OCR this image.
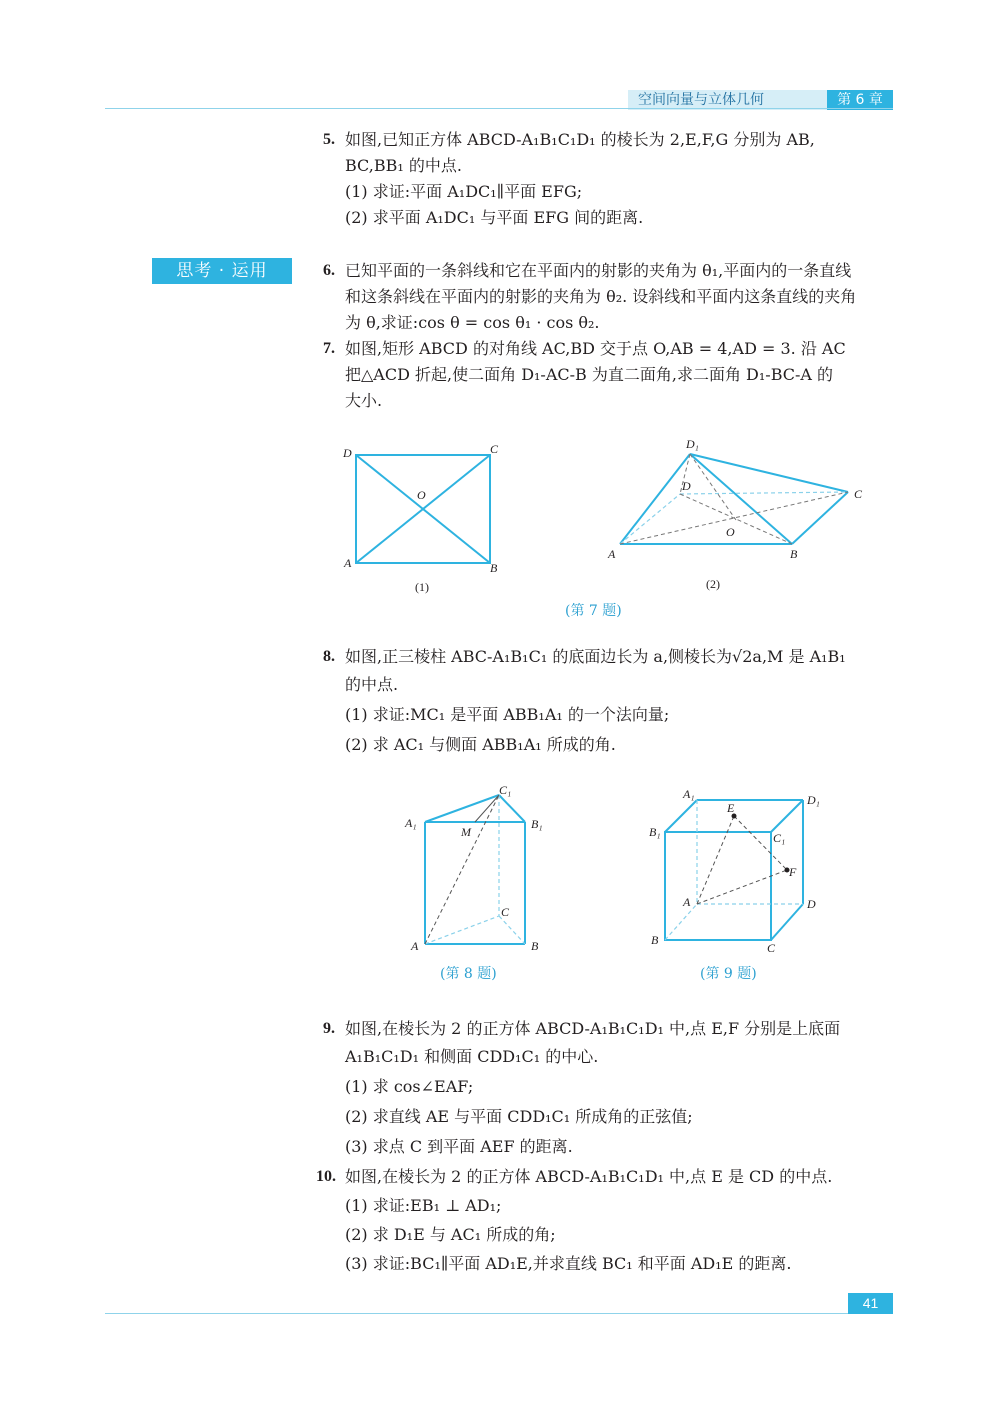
空间向量与立体几何	第 6 章
5. 如图,已知正方体 ABCD-A₁B₁C₁D₁ 的棱长为 2,E,F,G 分别为 AB,
BC,BB₁ 的中点.
(1) 求证:平面 A₁DC₁∥平面 EFG;
(2) 求平面 A₁DC₁ 与平面 EFG 间的距离.
思考 · 运用	6. 已知平面的一条斜线和它在平面内的射影的夹角为 θ₁,平面内的一条直线
和这条斜线在平面内的射影的夹角为 θ₂. 设斜线和平面内这条直线的夹角
为 θ,求证:cos θ = cos θ₁ · cos θ₂.
7. 如图,矩形 ABCD 的对角线 AC,BD 交于点 O,AB = 4,AD = 3. 沿 AC
把△ACD 折起,使二面角 D₁-AC-B 为直二面角,求二面角 D₁-BC-A 的
大小.
D	C
O
A	B
(1)
D₁
D
C
O
A	B
(2)
(第 7 题)
8. 如图,正三棱柱 ABC-A₁B₁C₁ 的底面边长为 a,侧棱长为√2a,M 是 A₁B₁
的中点.
(1) 求证:MC₁ 是平面 ABB₁A₁ 的一个法向量;
(2) 求 AC₁ 与侧面 ABB₁A₁ 所成的角.
C₁
A₁	B₁
M
C
A	B
(第 8 题)
A₁	D₁
E
B₁	C₁
F
A	D
B
C
(第 9 题)
9. 如图,在棱长为 2 的正方体 ABCD-A₁B₁C₁D₁ 中,点 E,F 分别是上底面
A₁B₁C₁D₁ 和侧面 CDD₁C₁ 的中心.
(1) 求 cos∠EAF;
(2) 求直线 AE 与平面 CDD₁C₁ 所成角的正弦值;
(3) 求点 C 到平面 AEF 的距离.
10. 如图,在棱长为 2 的正方体 ABCD-A₁B₁C₁D₁ 中,点 E 是 CD 的中点.
(1) 求证:EB₁ ⊥ AD₁;
(2) 求 D₁E 与 AC₁ 所成的角;
(3) 求证:BC₁∥平面 AD₁E,并求直线 BC₁ 和平面 AD₁E 的距离.
41
